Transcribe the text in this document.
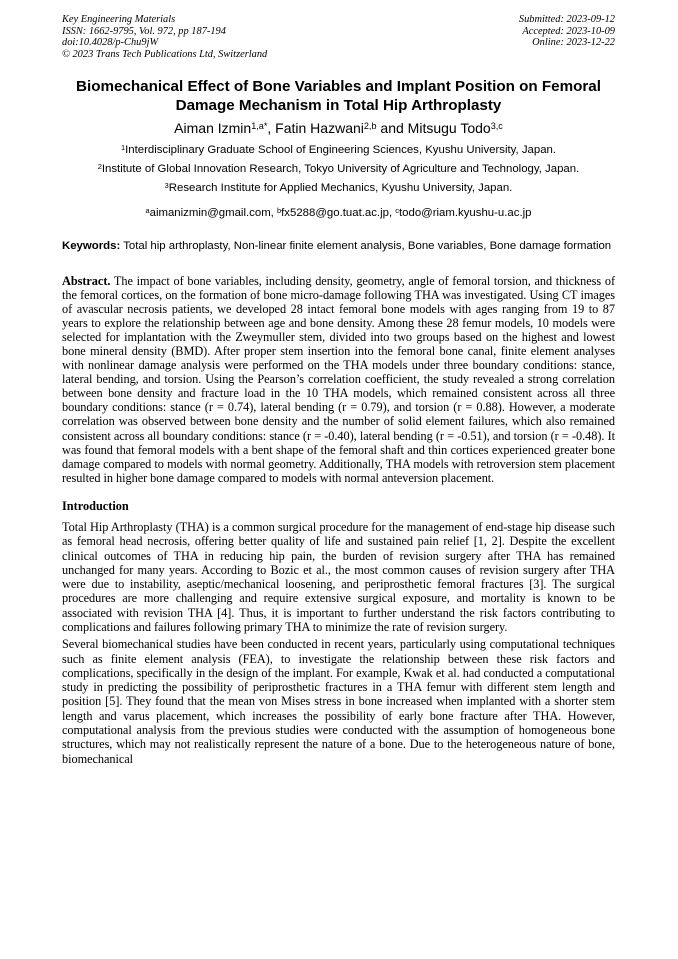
Key Engineering Materials
ISSN: 1662-9795, Vol. 972, pp 187-194
doi:10.4028/p-Chu9jW
© 2023 Trans Tech Publications Ltd, Switzerland
Submitted: 2023-09-12
Accepted: 2023-10-09
Online: 2023-12-22
Biomechanical Effect of Bone Variables and Implant Position on Femoral Damage Mechanism in Total Hip Arthroplasty
Aiman Izmin$^{1,a*}$, Fatin Hazwani$^{2,b}$ and Mitsugu Todo$^{3,c}$
$^1$Interdisciplinary Graduate School of Engineering Sciences, Kyushu University, Japan.
$^2$Institute of Global Innovation Research, Tokyo University of Agriculture and Technology, Japan.
$^3$Research Institute for Applied Mechanics, Kyushu University, Japan.
$^a$aimanizmin@gmail.com, $^b$fx5288@go.tuat.ac.jp, $^c$todo@riam.kyushu-u.ac.jp
Keywords: Total hip arthroplasty, Non-linear finite element analysis, Bone variables, Bone damage formation
Abstract. The impact of bone variables, including density, geometry, angle of femoral torsion, and thickness of the femoral cortices, on the formation of bone micro-damage following THA was investigated. Using CT images of avascular necrosis patients, we developed 28 intact femoral bone models with ages ranging from 19 to 87 years to explore the relationship between age and bone density. Among these 28 femur models, 10 models were selected for implantation with the Zweymuller stem, divided into two groups based on the highest and lowest bone mineral density (BMD). After proper stem insertion into the femoral bone canal, finite element analyses with nonlinear damage analysis were performed on the THA models under three boundary conditions: stance, lateral bending, and torsion. Using the Pearson’s correlation coefficient, the study revealed a strong correlation between bone density and fracture load in the 10 THA models, which remained consistent across all three boundary conditions: stance (r = 0.74), lateral bending (r = 0.79), and torsion (r = 0.88). However, a moderate correlation was observed between bone density and the number of solid element failures, which also remained consistent across all boundary conditions: stance (r = -0.40), lateral bending (r = -0.51), and torsion (r = -0.48). It was found that femoral models with a bent shape of the femoral shaft and thin cortices experienced greater bone damage compared to models with normal geometry. Additionally, THA models with retroversion stem placement resulted in higher bone damage compared to models with normal anteversion placement.
Introduction
Total Hip Arthroplasty (THA) is a common surgical procedure for the management of end-stage hip disease such as femoral head necrosis, offering better quality of life and sustained pain relief [1, 2]. Despite the excellent clinical outcomes of THA in reducing hip pain, the burden of revision surgery after THA has remained unchanged for many years. According to Bozic et al., the most common causes of revision surgery after THA were due to instability, aseptic/mechanical loosening, and periprosthetic femoral fractures [3]. The surgical procedures are more challenging and require extensive surgical exposure, and mortality is known to be associated with revision THA [4]. Thus, it is important to further understand the risk factors contributing to complications and failures following primary THA to minimize the rate of revision surgery.
Several biomechanical studies have been conducted in recent years, particularly using computational techniques such as finite element analysis (FEA), to investigate the relationship between these risk factors and complications, specifically in the design of the implant. For example, Kwak et al. had conducted a computational study in predicting the possibility of periprosthetic fractures in a THA femur with different stem length and position [5]. They found that the mean von Mises stress in bone increased when implanted with a shorter stem length and varus placement, which increases the possibility of early bone fracture after THA. However, computational analysis from the previous studies were conducted with the assumption of homogeneous bone structures, which may not realistically represent the nature of a bone. Due to the heterogeneous nature of bone, biomechanical
